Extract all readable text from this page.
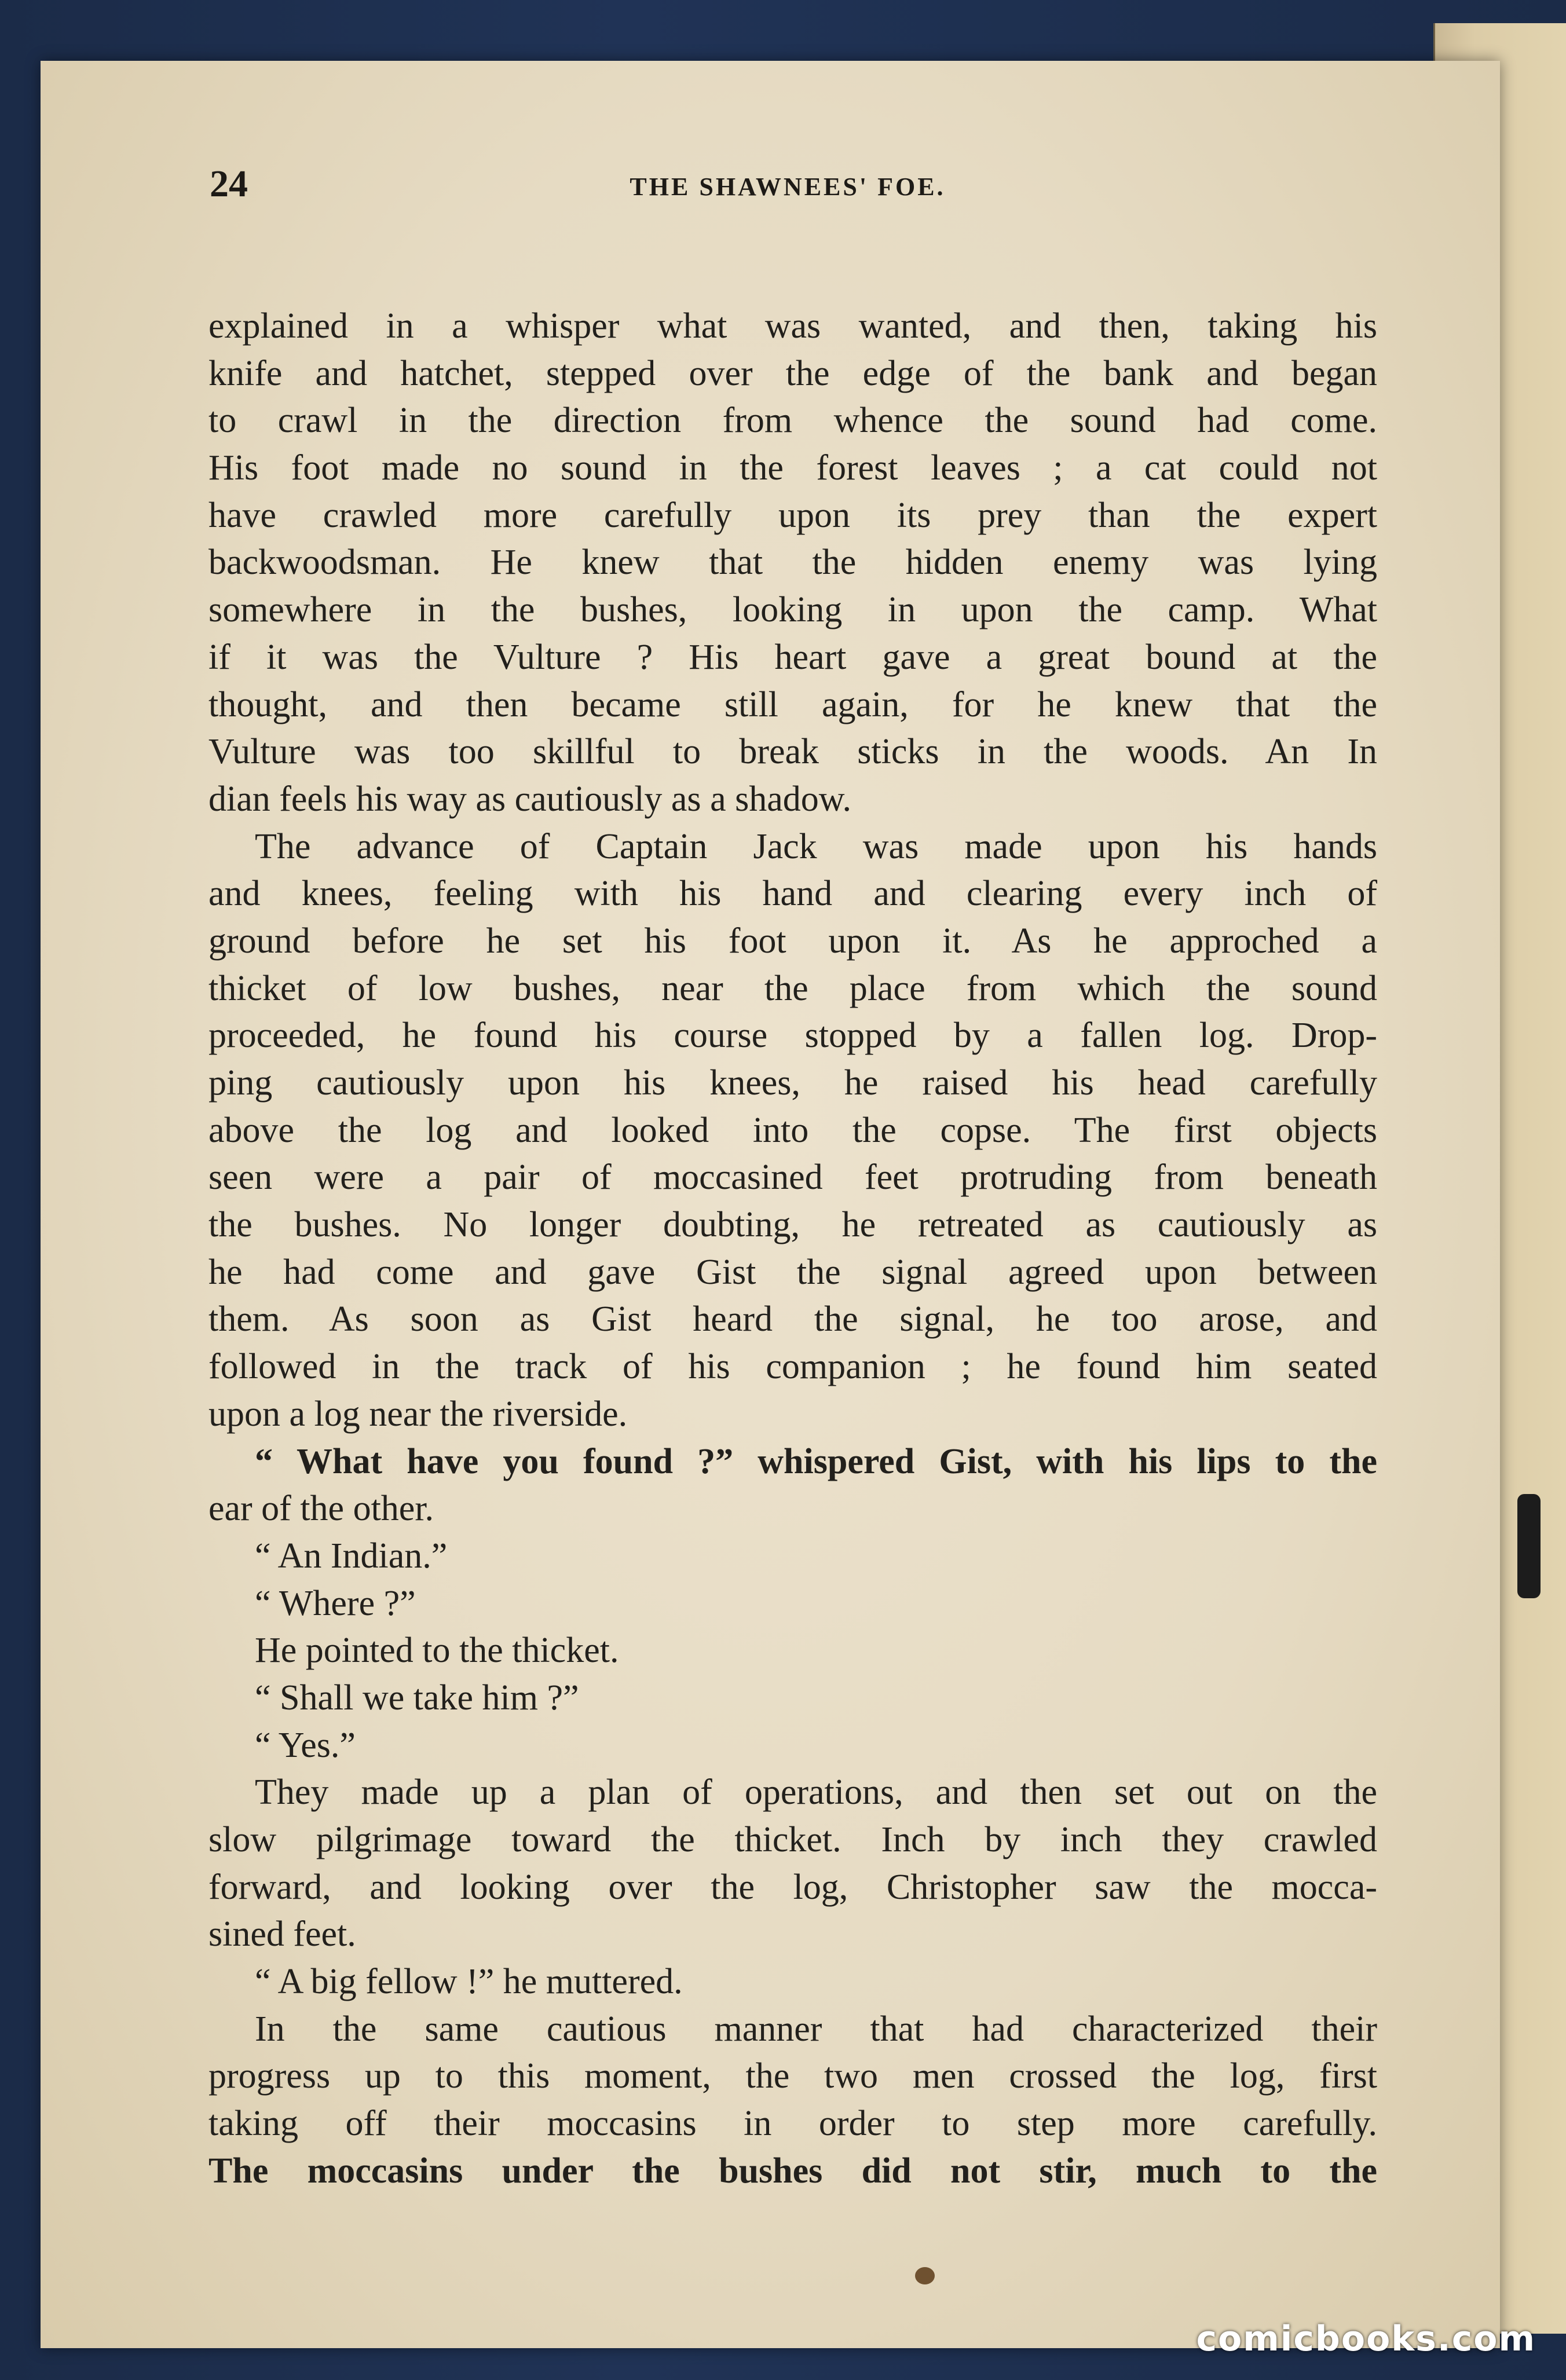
24	THE SHAWNEES' FOE.
explained in a whisper what was wanted, and then, taking his
knife and hatchet, stepped over the edge of the bank and began
to crawl in the direction from whence the sound had come.
His foot made no sound in the forest leaves ; a cat could not
have crawled more carefully upon its prey than the expert
backwoodsman. He knew that the hidden enemy was lying
somewhere in the bushes, looking in upon the camp. What
if it was the Vulture ? His heart gave a great bound at the
thought, and then became still again, for he knew that the
Vulture was too skillful to break sticks in the woods. An In
dian feels his way as cautiously as a shadow.
The advance of Captain Jack was made upon his hands
and knees, feeling with his hand and clearing every inch of
ground before he set his foot upon it. As he approched a
thicket of low bushes, near the place from which the sound
proceeded, he found his course stopped by a fallen log. Drop-
ping cautiously upon his knees, he raised his head carefully
above the log and looked into the copse. The first objects
seen were a pair of moccasined feet protruding from beneath
the bushes. No longer doubting, he retreated as cautiously as
he had come and gave Gist the signal agreed upon between
them. As soon as Gist heard the signal, he too arose, and
followed in the track of his companion ; he found him seated
upon a log near the riverside.
“ What have you found ?” whispered Gist, with his lips to the
ear of the other.
“ An Indian.”
“ Where ?”
He pointed to the thicket.
“ Shall we take him ?”
“ Yes.”
They made up a plan of operations, and then set out on the
slow pilgrimage toward the thicket. Inch by inch they crawled
forward, and looking over the log, Christopher saw the mocca-
sined feet.
“ A big fellow !” he muttered.
In the same cautious manner that had characterized their
progress up to this moment, the two men crossed the log, first
taking off their moccasins in order to step more carefully.
The moccasins under the bushes did not stir, much to the
comicbooks.com
